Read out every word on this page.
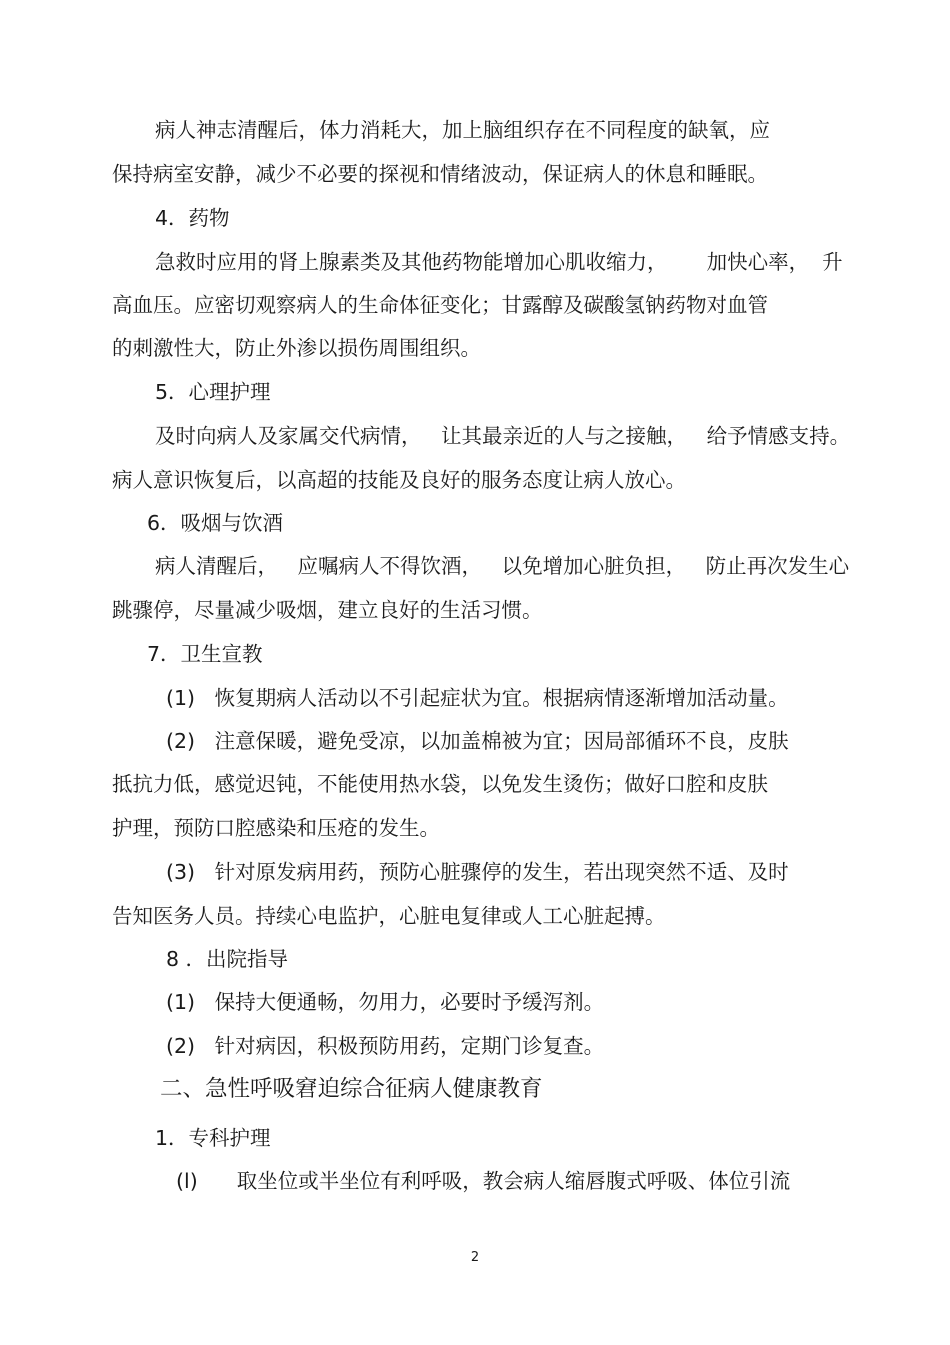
病人神志清醒后，体力消耗大，加上脑组织存在不同程度的缺氧，应

保持病室安静，减少不必要的探视和情绪波动，保证病人的休息和睡眠。

4．药物

急救时应用的肾上腺素类及其他药物能增加心肌收缩力，      加快心率，  升

高血压。应密切观察病人的生命体征变化；甘露醇及碳酸氢钠药物对血管

的刺激性大，防止外渗以损伤周围组织。

5．心理护理

及时向病人及家属交代病情，   让其最亲近的人与之接触，   给予情感支持。

病人意识恢复后，以高超的技能及良好的服务态度让病人放心。

6．吸烟与饮酒

病人清醒后，   应嘱病人不得饮酒，   以免增加心脏负担，   防止再次发生心

跳骤停，尽量减少吸烟，建立良好的生活习惯。

7．卫生宣教

(1)   恢复期病人活动以不引起症状为宜。根据病情逐渐增加活动量。

(2)   注意保暖，避免受凉，以加盖棉被为宜；因局部循环不良，皮肤

抵抗力低，感觉迟钝，不能使用热水袋，以免发生烫伤；做好口腔和皮肤

护理，预防口腔感染和压疮的发生。

(3)   针对原发病用药，预防心脏骤停的发生，若出现突然不适、及时

告知医务人员。持续心电监护，心脏电复律或人工心脏起搏。

8 ．出院指导

(1)   保持大便通畅，勿用力，必要时予缓泻剂。

(2)   针对病因，积极预防用药，定期门诊复查。

二、急性呼吸窘迫综合征病人健康教育

1．专科护理

(l)      取坐位或半坐位有利呼吸，教会病人缩唇腹式呼吸、体位引流

2
